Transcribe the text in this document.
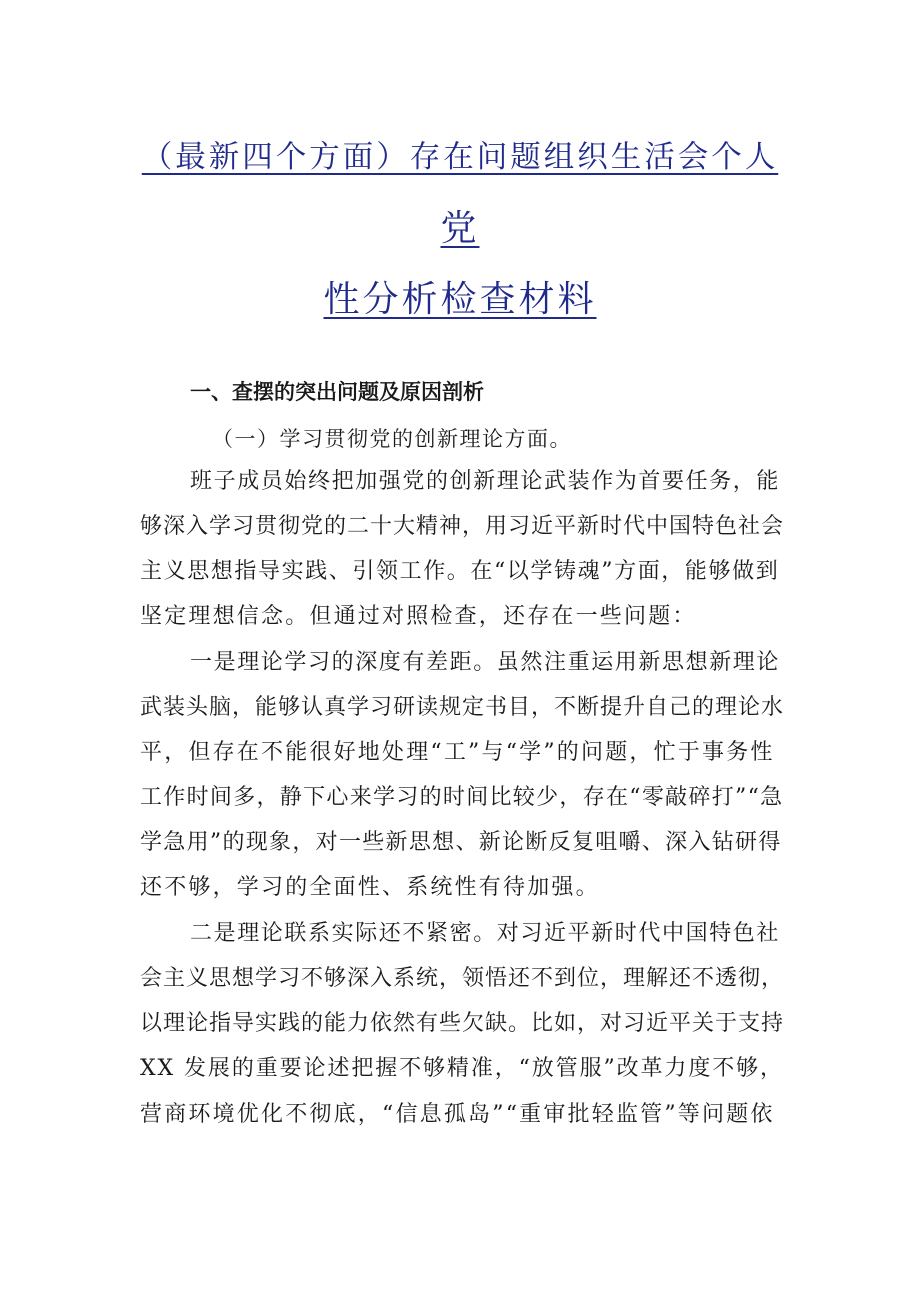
（最新四个方面）存在问题组织生活会个人
党
性分析检查材料
一、查摆的突出问题及原因剖析
（一）学习贯彻党的创新理论方面。
班子成员始终把加强党的创新理论武装作为首要任务，能
够深入学习贯彻党的二十大精神，用习近平新时代中国特色社会
主义思想指导实践、引领工作。在“以学铸魂”方面，能够做到
坚定理想信念。但通过对照检查，还存在一些问题：
一是理论学习的深度有差距。虽然注重运用新思想新理论
武装头脑，能够认真学习研读规定书目，不断提升自己的理论水
平，但存在不能很好地处理“工”与“学”的问题，忙于事务性
工作时间多，静下心来学习的时间比较少，存在“零敲碎打”“急
学急用”的现象，对一些新思想、新论断反复咀嚼、深入钻研得
还不够，学习的全面性、系统性有待加强。
二是理论联系实际还不紧密。对习近平新时代中国特色社
会主义思想学习不够深入系统，领悟还不到位，理解还不透彻，
以理论指导实践的能力依然有些欠缺。比如，对习近平关于支持
XX 发展的重要论述把握不够精准，“放管服”改革力度不够，
营商环境优化不彻底，“信息孤岛”“重审批轻监管”等问题依
